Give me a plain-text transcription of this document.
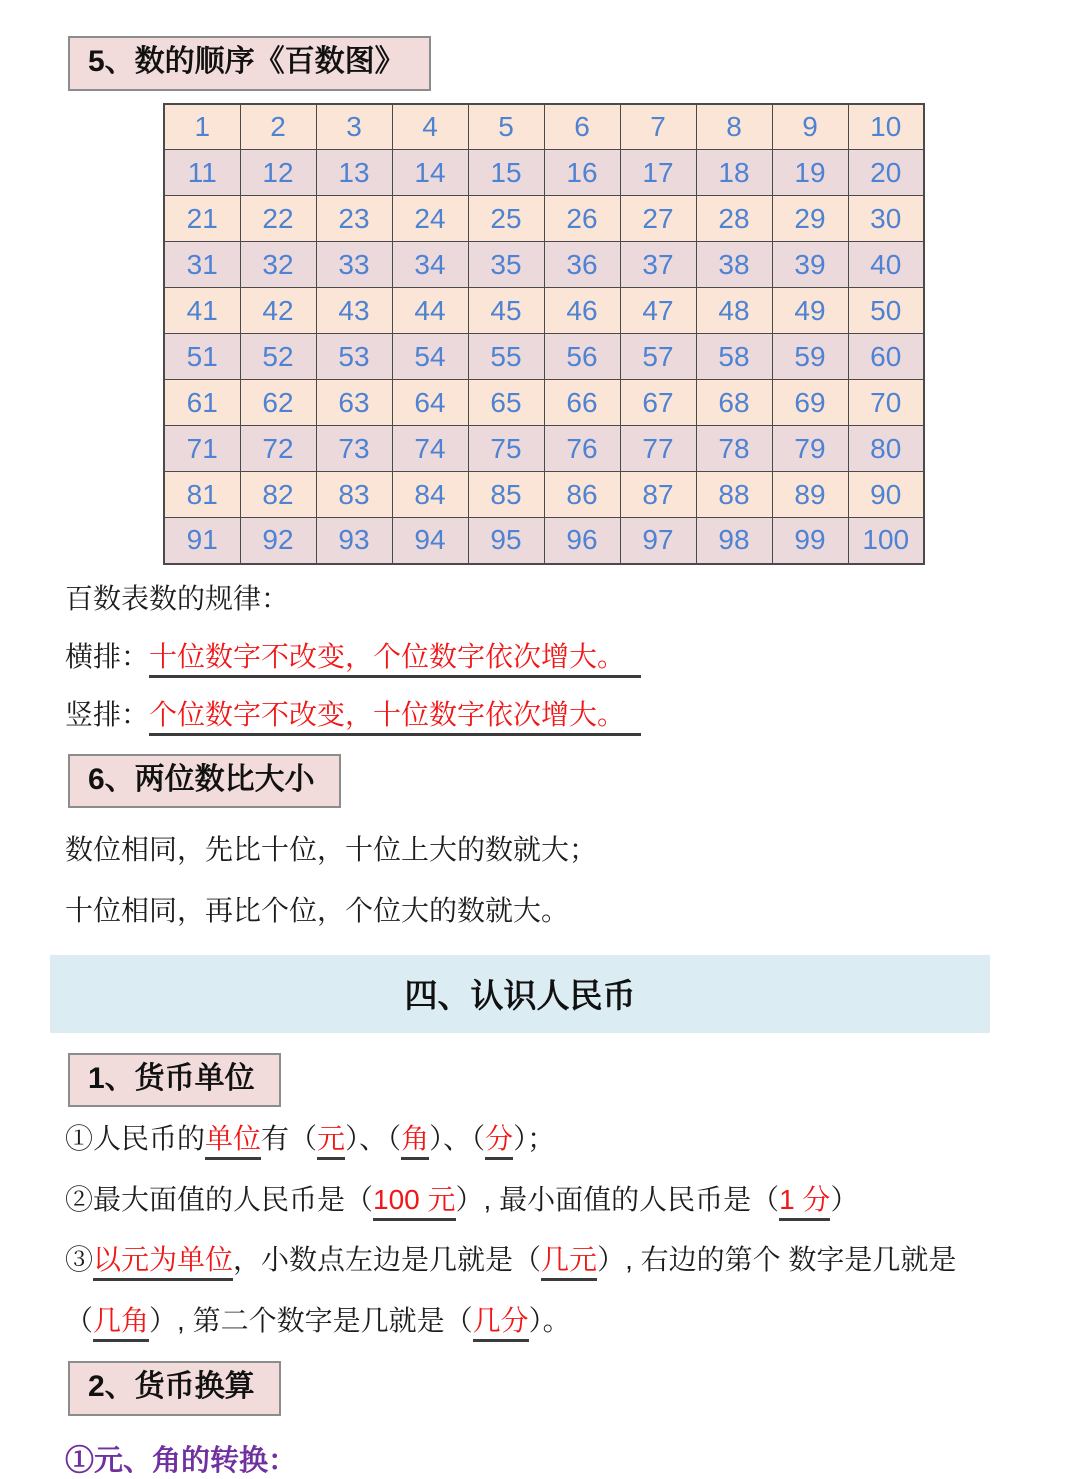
5、数的顺序《百数图》
1	2	3	4	5	6	7	8	9	10
11	12	13	14	15	16	17	18	19	20
21	22	23	24	25	26	27	28	29	30
31	32	33	34	35	36	37	38	39	40
41	42	43	44	45	46	47	48	49	50
51	52	53	54	55	56	57	58	59	60
61	62	63	64	65	66	67	68	69	70
71	72	73	74	75	76	77	78	79	80
81	82	83	84	85	86	87	88	89	90
91	92	93	94	95	96	97	98	99	100
百数表数的规律：
横排：十位数字不改变，个位数字依次增大。
竖排：个位数字不改变，十位数字依次增大。
6、两位数比大小
数位相同，先比十位，十位上大的数就大；
十位相同，再比个位，个位大的数就大。
四、认识人民币
1、货币单位
①人民币的单位有（元）、（角）、（分）；
②最大面值的人民币是（100 元）, 最小面值的人民币是（1 分）
③以元为单位，小数点左边是几就是（几元）, 右边的第个 数字是几就是
（几角）, 第二个数字是几就是（几分）。
2、货币换算
①元、角的转换：
